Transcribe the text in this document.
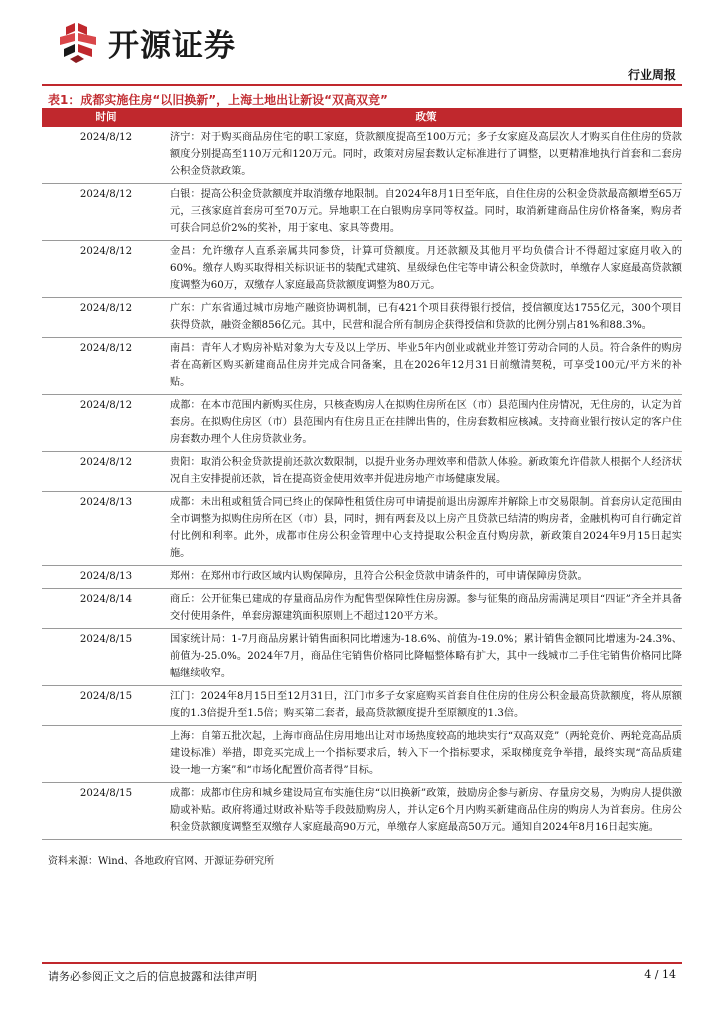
开源证券
行业周报
表1：成都实施住房“以旧换新”，上海土地出让新设“双高双竞”
时间	政策
2024/8/12	济宁：对于购买商品房住宅的职工家庭，贷款额度提高至100万元；多子女家庭及高层次人才购买自住住房的贷款额度分别提高至110万元和120万元。同时，政策对房屋套数认定标准进行了调整，以更精准地执行首套和二套房公积金贷款政策。
2024/8/12	白银：提高公积金贷款额度并取消缴存地限制。自2024年8月1日至年底，自住住房的公积金贷款最高额增至65万元，三孩家庭首套房可至70万元。异地职工在白银购房享同等权益。同时，取消新建商品住房价格备案，购房者可获合同总价2%的奖补，用于家电、家具等费用。
2024/8/12	金昌：允许缴存人直系亲属共同参贷，计算可贷额度。月还款额及其他月平均负债合计不得超过家庭月收入的60%。缴存人购买取得相关标识证书的装配式建筑、星级绿色住宅等申请公积金贷款时，单缴存人家庭最高贷款额度调整为60万，双缴存人家庭最高贷款额度调整为80万元。
2024/8/12	广东：广东省通过城市房地产融资协调机制，已有421个项目获得银行授信，授信额度达1755亿元，300个项目获得贷款，融资金额856亿元。其中，民营和混合所有制房企获得授信和贷款的比例分别占81%和88.3%。
2024/8/12	南昌：青年人才购房补贴对象为大专及以上学历、毕业5年内创业或就业并签订劳动合同的人员。符合条件的购房者在高新区购买新建商品住房并完成合同备案，且在2026年12月31日前缴清契税，可享受100元/平方米的补贴。
2024/8/12	成都：在本市范围内新购买住房，只核查购房人在拟购住房所在区（市）县范围内住房情况，无住房的，认定为首套房。在拟购住房区（市）县范围内有住房且正在挂牌出售的，住房套数相应核减。支持商业银行按认定的客户住房套数办理个人住房贷款业务。
2024/8/12	贵阳：取消公积金贷款提前还款次数限制，以提升业务办理效率和借款人体验。新政策允许借款人根据个人经济状况自主安排提前还款，旨在提高资金使用效率并促进房地产市场健康发展。
2024/8/13	成都：未出租或租赁合同已终止的保障性租赁住房可申请提前退出房源库并解除上市交易限制。首套房认定范围由全市调整为拟购住房所在区（市）县，同时，拥有两套及以上房产且贷款已结清的购房者，金融机构可自行确定首付比例和利率。此外，成都市住房公积金管理中心支持提取公积金直付购房款，新政策自2024年9月15日起实施。
2024/8/13	郑州：在郑州市行政区域内认购保障房，且符合公积金贷款申请条件的，可申请保障房贷款。
2024/8/14	商丘：公开征集已建成的存量商品房作为配售型保障性住房房源。参与征集的商品房需满足项目“四证”齐全并具备交付使用条件，单套房源建筑面积原则上不超过120平方米。
2024/8/15	国家统计局：1-7月商品房累计销售面积同比增速为-18.6%、前值为-19.0%；累计销售金额同比增速为-24.3%、前值为-25.0%。2024年7月，商品住宅销售价格同比降幅整体略有扩大，其中一线城市二手住宅销售价格同比降幅继续收窄。
2024/8/15	江门：2024年8月15日至12月31日，江门市多子女家庭购买首套自住住房的住房公积金最高贷款额度，将从原额度的1.3倍提升至1.5倍；购买第二套者，最高贷款额度提升至原额度的1.3倍。
	上海：自第五批次起，上海市商品住房用地出让对市场热度较高的地块实行“双高双竞”（两轮竞价、两轮竞高品质建设标准）举措，即竞买完成上一个指标要求后，转入下一个指标要求，采取梯度竞争举措，最终实现“高品质建设一地一方案”和“市场化配置价高者得”目标。
2024/8/15	成都：成都市住房和城乡建设局宣布实施住房“以旧换新”政策，鼓励房企参与新房、存量房交易，为购房人提供激励或补贴。政府将通过财政补贴等手段鼓励购房人，并认定6个月内购买新建商品住房的购房人为首套房。住房公积金贷款额度调整至双缴存人家庭最高90万元，单缴存人家庭最高50万元。通知自2024年8月16日起实施。
资料来源：Wind、各地政府官网、开源证券研究所
请务必参阅正文之后的信息披露和法律声明	4 / 14
